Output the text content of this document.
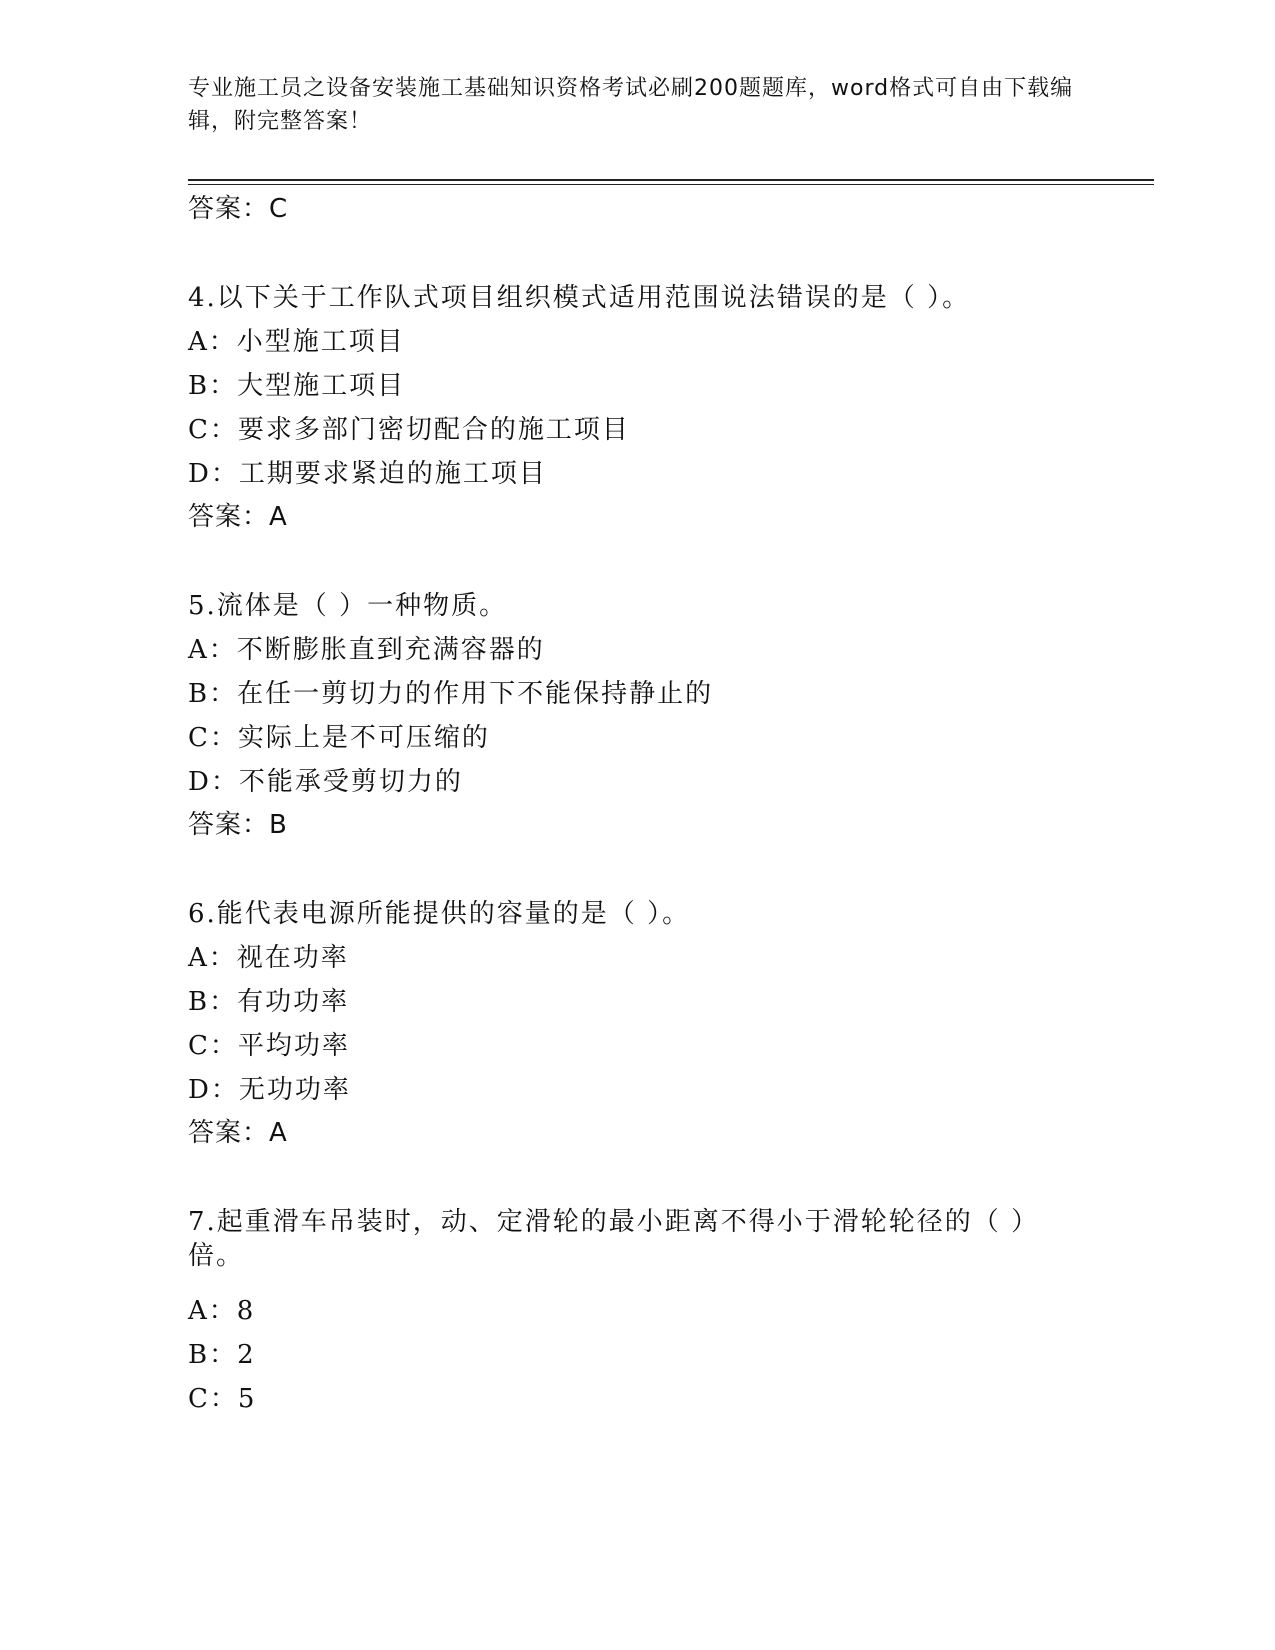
专业施工员之设备安装施工基础知识资格考试必刷200题题库，word格式可自由下载编辑，附完整答案！
答案：C
4.以下关于工作队式项目组织模式适用范围说法错误的是（ ）。
A：小型施工项目
B：大型施工项目
C：要求多部门密切配合的施工项目
D：工期要求紧迫的施工项目
答案：A
5.流体是（ ）一种物质。
A：不断膨胀直到充满容器的
B：在任一剪切力的作用下不能保持静止的
C：实际上是不可压缩的
D：不能承受剪切力的
答案：B
6.能代表电源所能提供的容量的是（ ）。
A：视在功率
B：有功功率
C：平均功率
D：无功功率
答案：A
7.起重滑车吊装时，动、定滑轮的最小距离不得小于滑轮轮径的（ ）倍。
A：8
B：2
C：5
